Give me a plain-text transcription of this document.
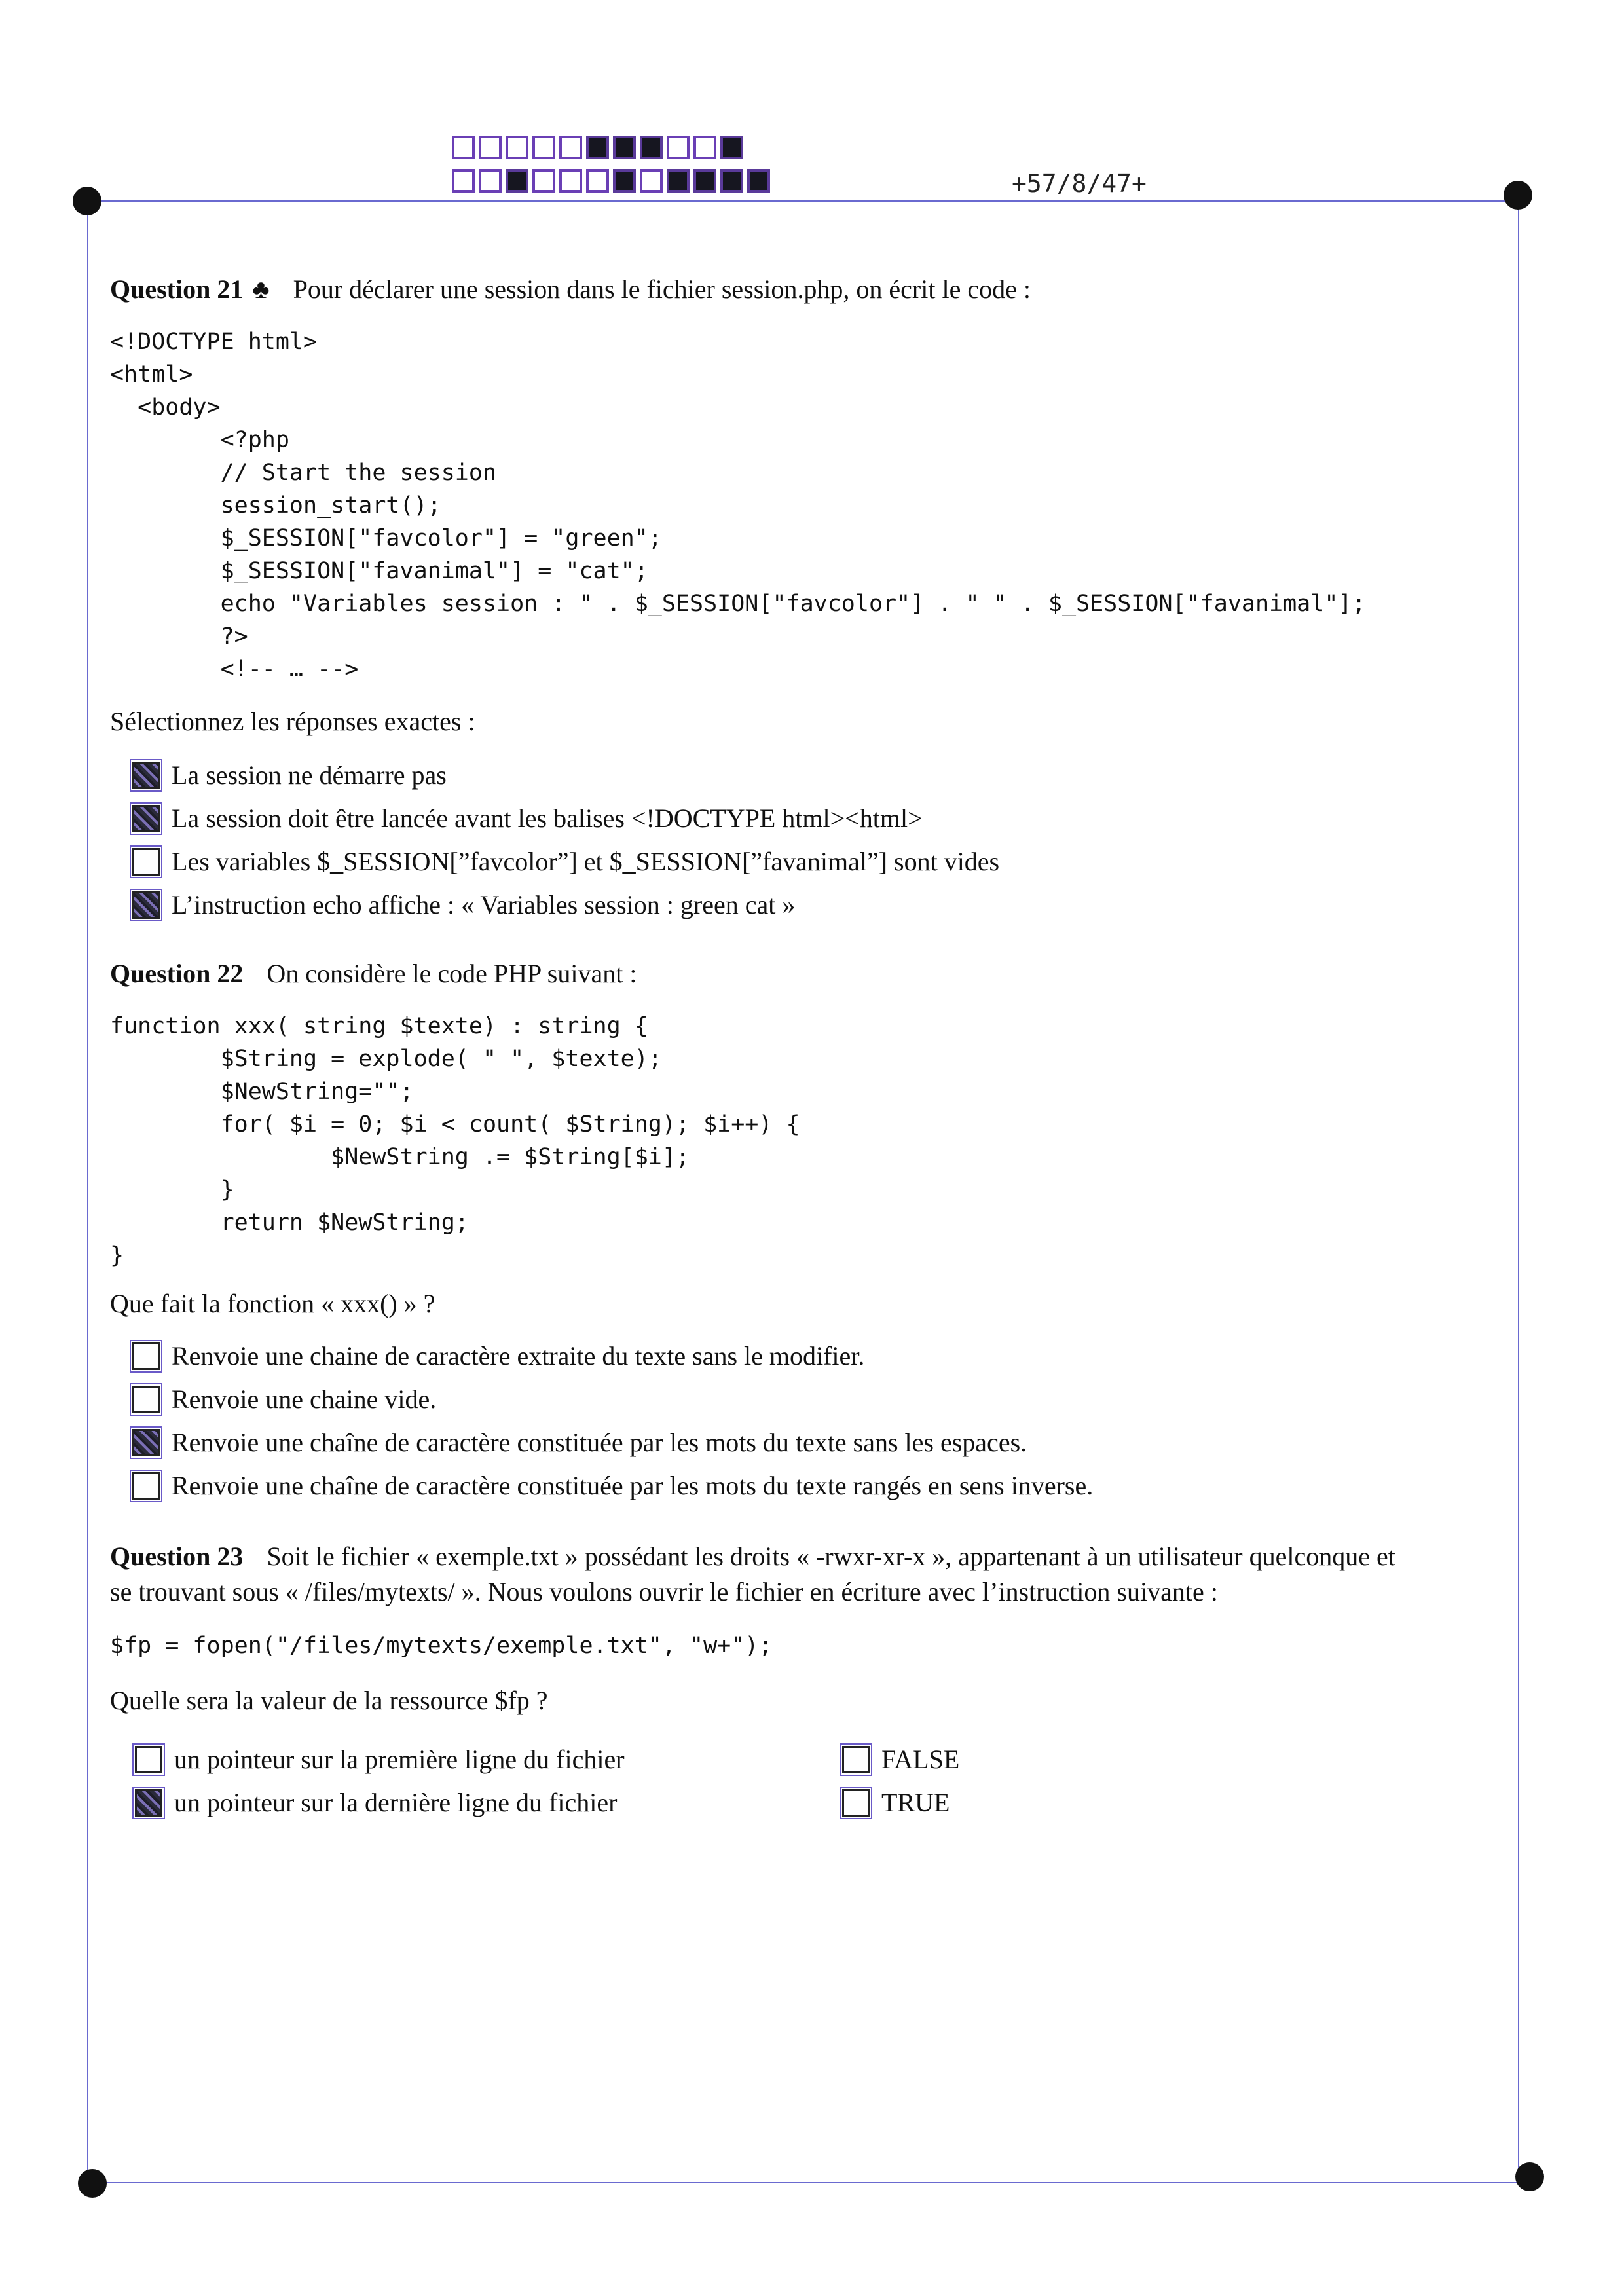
+57/8/47+
Question 21 ♣ Pour déclarer une session dans le fichier session.php, on écrit le code :
<!DOCTYPE html>
<html>
<body>
<?php
// Start the session
session_start();
$_SESSION["favcolor"] = "green";
$_SESSION["favanimal"] = "cat";
echo "Variables session : " . $_SESSION["favcolor"] . " " . $_SESSION["favanimal"];
?>
<!-- … -->
Sélectionnez les réponses exactes :
La session ne démarre pas
La session doit être lancée avant les balises <!DOCTYPE html><html>
Les variables $_SESSION[”favcolor”] et $_SESSION[”favanimal”] sont vides
L’instruction echo affiche : « Variables session : green cat »
Question 22 On considère le code PHP suivant :
function xxx( string $texte) : string {
$String = explode( " ", $texte);
$NewString="";
for( $i = 0; $i < count( $String); $i++) {
$NewString .= $String[$i];
}
return $NewString;
}
Que fait la fonction « xxx() » ?
Renvoie une chaine de caractère extraite du texte sans le modifier.
Renvoie une chaine vide.
Renvoie une chaîne de caractère constituée par les mots du texte sans les espaces.
Renvoie une chaîne de caractère constituée par les mots du texte rangés en sens inverse.
Question 23 Soit le fichier « exemple.txt » possédant les droits « -rwxr-xr-x », appartenant à un utilisateur quelconque et
se trouvant sous « /files/mytexts/ ». Nous voulons ouvrir le fichier en écriture avec l’instruction suivante :
$fp = fopen("/files/mytexts/exemple.txt", "w+");
Quelle sera la valeur de la ressource $fp ?
un pointeur sur la première ligne du fichier
un pointeur sur la dernière ligne du fichier
FALSE
TRUE
